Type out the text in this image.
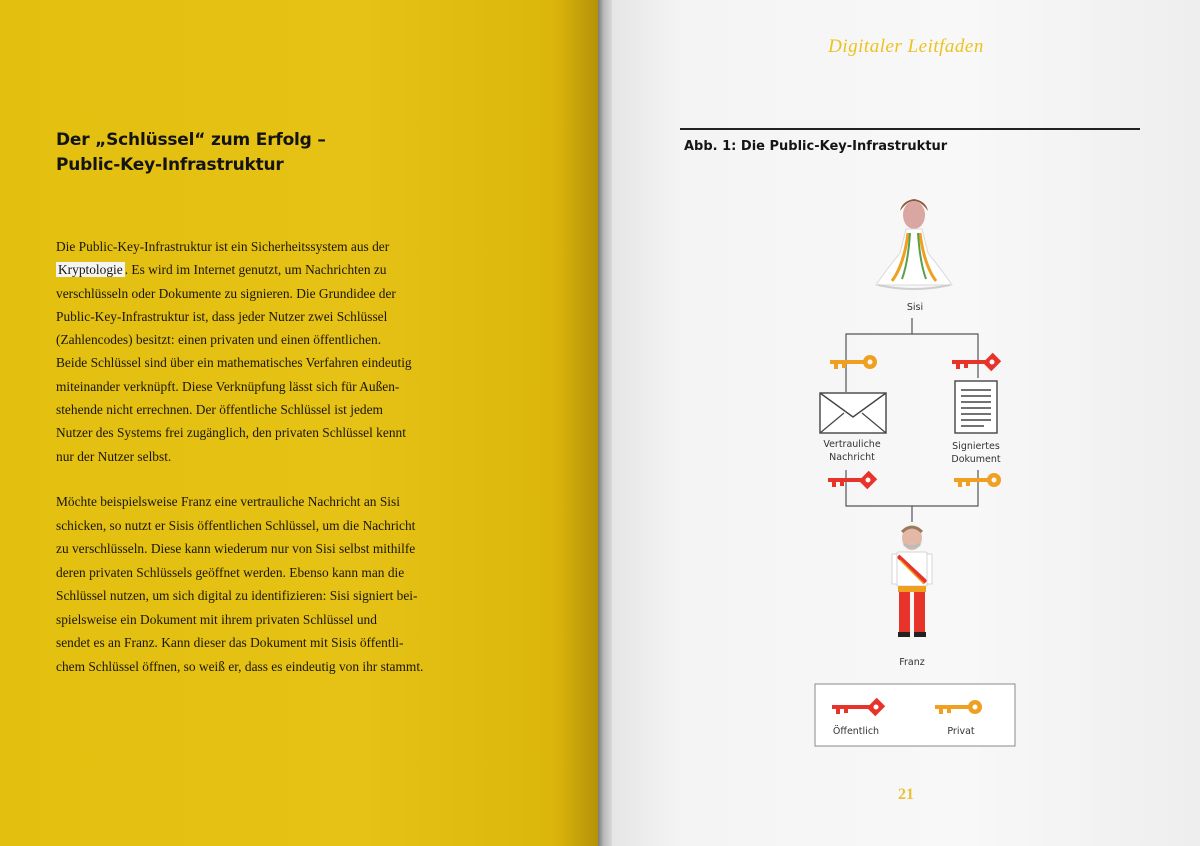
Der „Schlüssel“ zum Erfolg –
Public-Key-Infrastruktur
Die Public-Key-Infrastruktur ist ein Sicherheitssystem aus der
Kryptologie . Es wird im Internet genutzt, um Nachrichten zu
verschlüsseln oder Dokumente zu signieren. Die Grundidee der
Public-Key-Infrastruktur ist, dass jeder Nutzer zwei Schlüssel
(Zahlencodes) besitzt: einen privaten und einen öffentlichen.
Beide Schlüssel sind über ein mathematisches Verfahren eindeutig
miteinander verknüpft. Diese Verknüpfung lässt sich für Außen-
stehende nicht errechnen. Der öffentliche Schlüssel ist jedem
Nutzer des Systems frei zugänglich, den privaten Schlüssel kennt
nur der Nutzer selbst.
Möchte beispielsweise Franz eine vertrauliche Nachricht an Sisi
schicken, so nutzt er Sisis öffentlichen Schlüssel, um die Nachricht
zu verschlüsseln. Diese kann wiederum nur von Sisi selbst mithilfe
deren privaten Schlüssels geöffnet werden. Ebenso kann man die
Schlüssel nutzen, um sich digital zu identifizieren: Sisi signiert bei-
spielsweise ein Dokument mit ihrem privaten Schlüssel und
sendet es an Franz. Kann dieser das Dokument mit Sisis öffentli-
chem Schlüssel öffnen, so weiß er, dass es eindeutig von ihr stammt.
Digitaler Leitfaden
Abb. 1: Die Public-Key-Infrastruktur
Sisi
Vertrauliche
Nachricht
Signiertes
Dokument
Franz
Öffentlich	Privat
21
